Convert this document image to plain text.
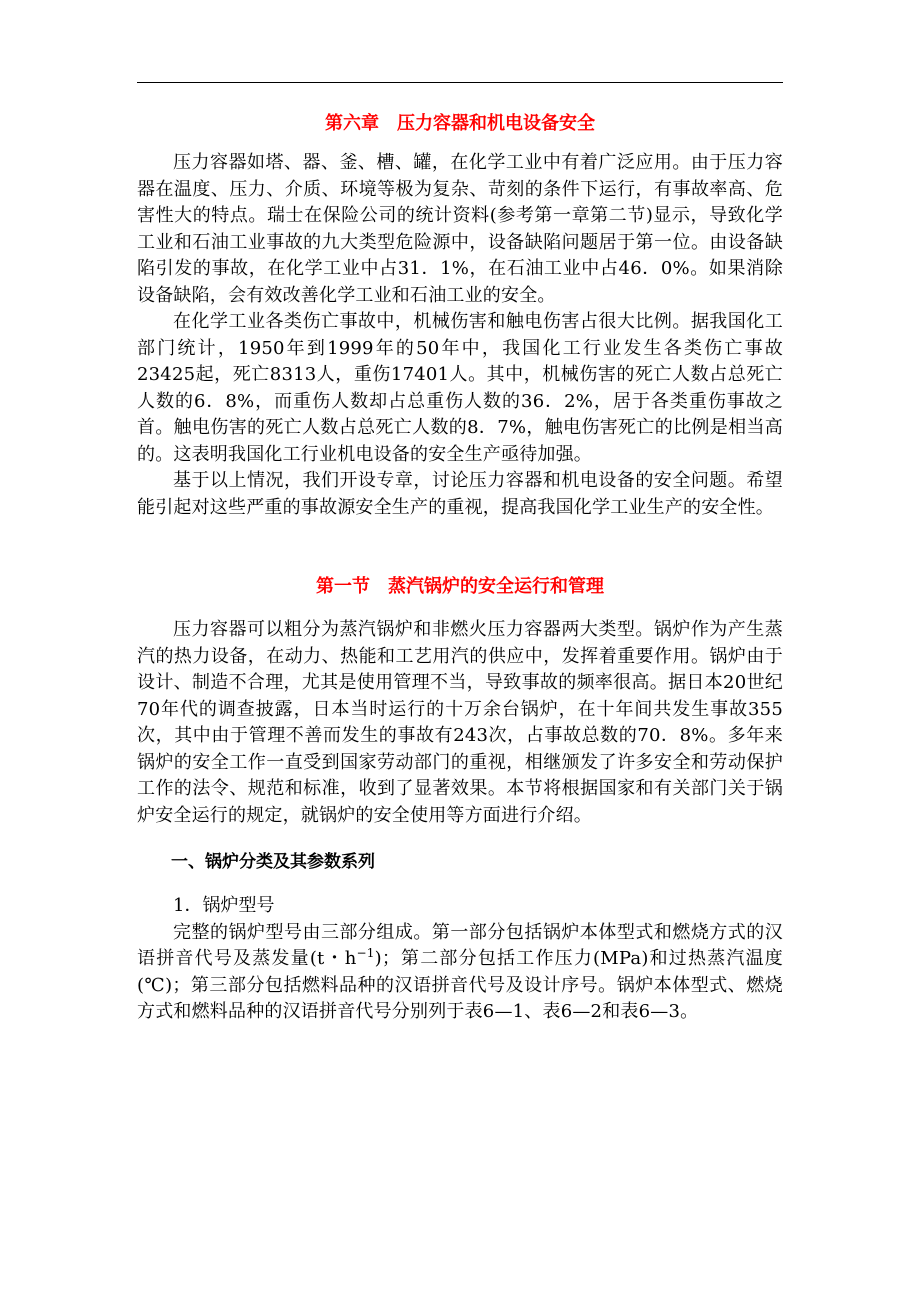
第六章　压力容器和机电设备安全

压力容器如塔、器、釜、槽、罐，在化学工业中有着广泛应用。由于压力容器在温度、压力、介质、环境等极为复杂、苛刻的条件下运行，有事故率高、危害性大的特点。瑞士在保险公司的统计资料(参考第一章第二节)显示，导致化学工业和石油工业事故的九大类型危险源中，设备缺陷问题居于第一位。由设备缺陷引发的事故，在化学工业中占31．1%，在石油工业中占46．0%。如果消除设备缺陷，会有效改善化学工业和石油工业的安全。

在化学工业各类伤亡事故中，机械伤害和触电伤害占很大比例。据我国化工部门统计，1950年到1999年的50年中，我国化工行业发生各类伤亡事故23425起，死亡8313人，重伤17401人。其中，机械伤害的死亡人数占总死亡人数的6．8%，而重伤人数却占总重伤人数的36．2%，居于各类重伤事故之首。触电伤害的死亡人数占总死亡人数的8．7%，触电伤害死亡的比例是相当高的。这表明我国化工行业机电设备的安全生产亟待加强。

基于以上情况，我们开设专章，讨论压力容器和机电设备的安全问题。希望能引起对这些严重的事故源安全生产的重视，提高我国化学工业生产的安全性。

第一节　蒸汽锅炉的安全运行和管理

压力容器可以粗分为蒸汽锅炉和非燃火压力容器两大类型。锅炉作为产生蒸汽的热力设备，在动力、热能和工艺用汽的供应中，发挥着重要作用。锅炉由于设计、制造不合理，尤其是使用管理不当，导致事故的频率很高。据日本20世纪70年代的调查披露，日本当时运行的十万余台锅炉，在十年间共发生事故355次，其中由于管理不善而发生的事故有243次，占事故总数的70．8%。多年来锅炉的安全工作一直受到国家劳动部门的重视，相继颁发了许多安全和劳动保护工作的法令、规范和标准，收到了显著效果。本节将根据国家和有关部门关于锅炉安全运行的规定，就锅炉的安全使用等方面进行介绍。

一、锅炉分类及其参数系列

1．锅炉型号

完整的锅炉型号由三部分组成。第一部分包括锅炉本体型式和燃烧方式的汉语拼音代号及蒸发量(t・$h^{-1}$)；第二部分包括工作压力(MPa)和过热蒸汽温度(℃)；第三部分包括燃料品种的汉语拼音代号及设计序号。锅炉本体型式、燃烧方式和燃料品种的汉语拼音代号分别列于表6—1、表6—2和表6—3。
